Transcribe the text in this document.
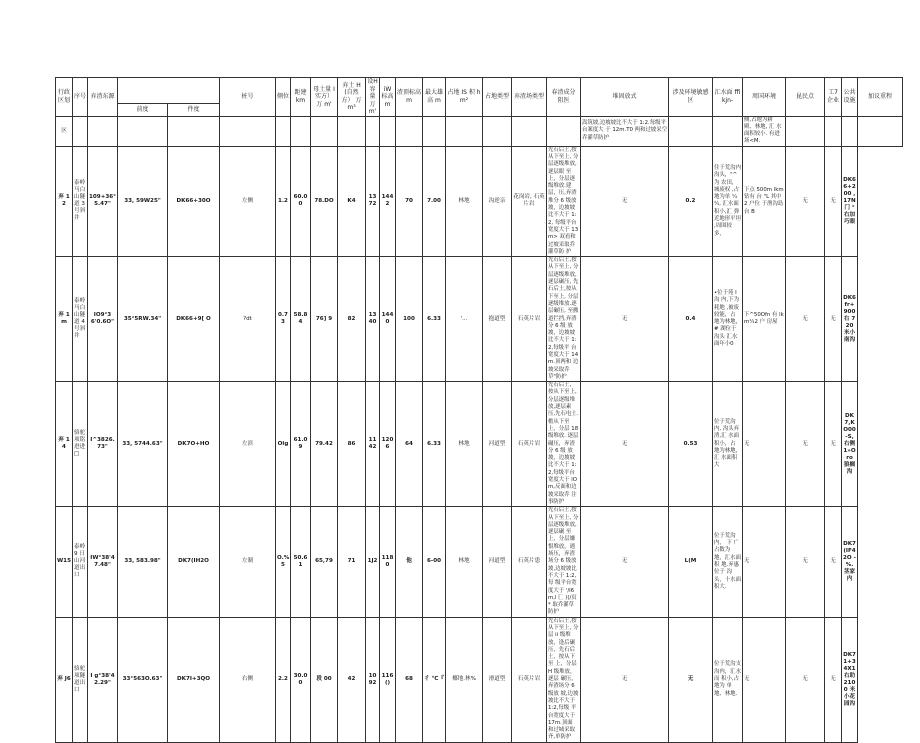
行政区划	序号	弃渣东源			桩号	側位	距建 km	母土量 I 实方） 万 m'	弃土 H (自然方） 万 m³	设H 容量 万 m'	iW 标高 m	渣顶标高 m	最大雄高 m	占地 IS 积 hm²	占地类型	弃渣场类型	春渣成分 阻医	堆固放式	涉及环境敏感 区	汇水面 ffikjn-	周国环境	昆民点	工7 企业	公共设施	加议重程
			前度	件度																					
区																		嵩筑坡,边坡坡比不大于 1:2.每级平台案度大 于 12m.T0 两和过坡采空 乔灌草防护			侧,占地为耕 殿、林地, 汇 水面积较小. 有进场<M.				
弃 12	泰岭马白 山隧 道 3 号斜 井	109+36°5.47"	33, 59W25"	DK66+30O	左侧	1.2	60.00	78.DO	K4	1372	1442	70	7.00	林地	沟逆亲	花岗岩, 石英片岩	先石后土,按从下至上, 分层逐级堆放,逐层眼 至上，分层逐级堆放.建 层，压,弃渣堆分 6 级放 坡，边坡坡比不大于 1:2, 每级平台宽度大于 13m> 双看和过坡采取乔灌草防 护	无	0.2	住于荒沟内 沟头，"^为 农田，城废权 ,占地为单 ¼¼, 汇水面 积小,汇 弹 近地形平坦 ,周围较多，	下点 500m lkm 钻有 台 "L 其中 2 户位 于渔沟島 台 B	无	无	DK66+200 , 17N门 ° 右加巧眼	
弃 1m	泰岭马白 山隧 道 4 号斜 井	IO9°36'0.6O"	35°5RW.34"	DK66+9[ O	?dt	0.73	58.84	76] 9	82	1340	1440	100	6.33	'...	抱道型	石英片岩	先石后土,按从下至上, 分层逐级堆放,逐层碾压, 先石后土,按从下至上, 分层逐级堆放.逐层碾压, 至搬道拦挡,弃渣分 6 级 放坡，边坡坡比不大于 1:2,每级平 台宽度大于 14m.顶两和 边坡采取乔草"防护	无	0.4	•位于苑 I 沟 内,下为耗地 ,被废较能，占 地为林地，# 湖位于沟头 汇水面年小0	下^50Ofn 有 lkm¼2 户 房屋	无	无	DK6fr+900 右 720 米小 南沟	
弃 14	骆驼项铭 进进□	I^3826.73"	33, 5744.63"	DK7O+HO	左滨	Olg	61.09	79.42	86	1142	1206	64	6.33	林地	河道型	石英片岩	先石后土，按从下至上, 分层逐级堆放,逐层素 压,先石电土.檐从下至 上，分层 18 级堆放. 逐层碾压，弃渣分 6 级 放坡，边坡坡比不大于 1:2,每级平台宽度大于 lOm,反面和边坡采取乔 注事防护	无	0.53	位于荒沟内, 沟头弃渣,汇 水面积小，占 地为林地，汇 水面积大	无	无	无	DK7,KO00 -S, 右侧 1»Oro 狼榈沟	
W15	泰岭 9 日 山河道出 口	IW°38'47.48"	33, 583.98"	DK7(IH2O	左制	O.%5	50.61	65,79	71	1J2	1180	他	6-00	林地	河道型	石英片患	先石后土,按从下至上, 分层逐级堆放,逐层碾 至上，分层嫌恨堆放，遇 场压，弃渣场分 6 级放 坡,边坡坡比不大于 1:2,每 级平台宽度大于 '/l6m,l 匚 )(/页* 取乔灌草防护	无	L(M	位于荒沟内， 下 广占数为 地，汇水面积 地.弃惠位于 沟头，十水面 积大.	无	无	无	DK7(IF42O -%. 茎家内	
弃 J6	骆驼项隧 道出口	I g°38'42.29"	33°563O.63"	DK7I+3QO	右侧	2.2	30.00	段 00	42	1092	116()	68	彳 ℃『	椰地.林%	滑道型	石英片岩	先石后土,按从下至上, 分层 ii 级堆放，逢后碾 压，先石后土，按从下至 上，分层 H 级堆放，逐层 碾压，弃渣场分 6 级放 坡,边坡坡比不大于 1:2,每级 平台宽度大于 17m.顶面 和过城采取齐,单防护	无	无	位于荒沟支 沟内，汇水而 积小,占地为 单地、林地.	无	无	无	DK71+34X1 右助 2100 米 小花园沟	
